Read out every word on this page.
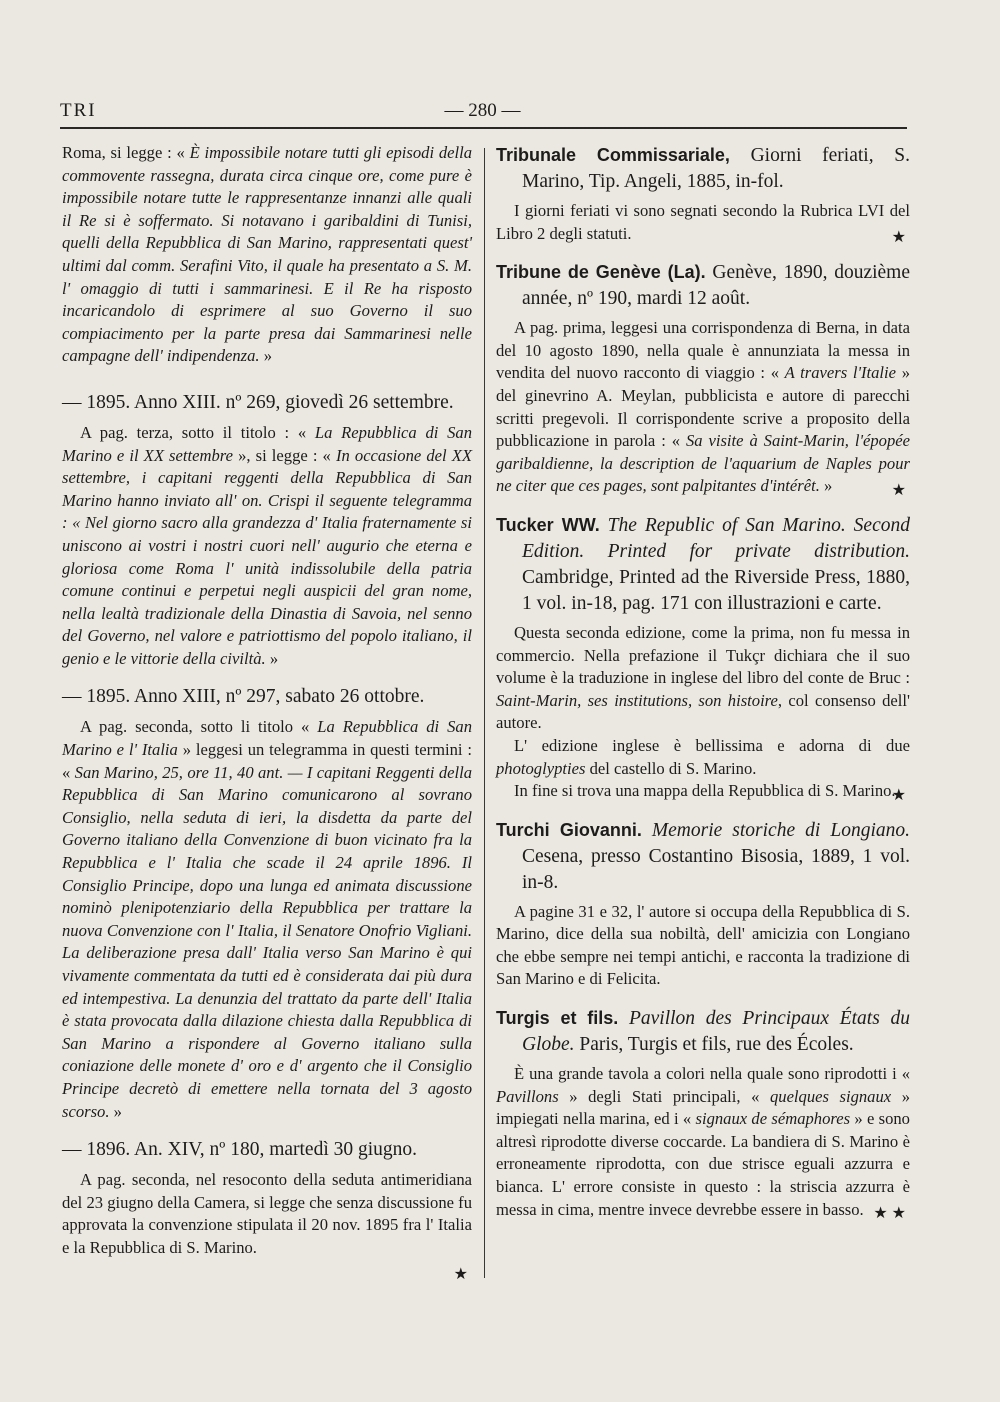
TRI	— 280 —

Roma, si legge : « È impossibile notare tutti gli episodi della commovente rassegna, durata circa cinque ore, come pure è impossibile notare tutte le rappresentanze innanzi alle quali il Re si è soffermato. Si notavano i garibaldini di Tunisi, quelli della Repubblica di San Marino, rappresentati quest' ultimi dal comm. Serafini Vito, il quale ha presentato a S. M. l' omaggio di tutti i sammarinesi. E il Re ha risposto incaricandolo di esprimere al suo Governo il suo compiacimento per la parte presa dai Sammarinesi nelle campagne dell' indipendenza. »

— 1895. Anno XIII. nº 269, giovedì 26 settembre.

A pag. terza, sotto il titolo : « La Repubblica di San Marino e il XX settembre », si legge : « In occasione del XX settembre, i capitani reggenti della Repubblica di San Marino hanno inviato all' on. Crispi il seguente telegramma : « Nel giorno sacro alla grandezza d' Italia fraternamente si uniscono ai vostri i nostri cuori nell' augurio che eterna e gloriosa come Roma l' unità indissolubile della patria comune continui e perpetui negli auspicii del gran nome, nella lealtà tradizionale della Dinastia di Savoia, nel senno del Governo, nel valore e patriottismo del popolo italiano, il genio e le vittorie della civiltà. »

— 1895. Anno XIII, nº 297, sabato 26 ottobre.

A pag. seconda, sotto li titolo « La Repubblica di San Marino e l' Italia » leggesi un telegramma in questi termini : « San Marino, 25, ore 11, 40 ant. — I capitani Reggenti della Repubblica di San Marino comunicarono al sovrano Consiglio, nella seduta di ieri, la disdetta da parte del Governo italiano della Convenzione di buon vicinato fra la Repubblica e l' Italia che scade il 24 aprile 1896. Il Consiglio Principe, dopo una lunga ed animata discussione nominò plenipotenziario della Repubblica per trattare la nuova Convenzione con l' Italia, il Senatore Onofrio Vigliani. La deliberazione presa dall' Italia verso San Marino è qui vivamente commentata da tutti ed è considerata dai più dura ed intempestiva. La denunzia del trattato da parte dell' Italia è stata provocata dalla dilazione chiesta dalla Repubblica di San Marino a rispondere al Governo italiano sulla coniazione delle monete d' oro e d' argento che il Consiglio Principe decretò di emettere nella tornata del 3 agosto scorso. »

— 1896. An. XIV, nº 180, martedì 30 giugno.

A pag. seconda, nel resoconto della seduta antimeridiana del 23 giugno della Camera, si legge che senza discussione fu approvata la convenzione stipulata il 20 nov. 1895 fra l' Italia e la Repubblica di S. Marino.

★

Tribunale Commissariale, Giorni feriati, S. Marino, Tip. Angeli, 1885, in-fol.

I giorni feriati vi sono segnati secondo la Rubrica LVI del Libro 2 degli statuti.	★

Tribune de Genève (La). Genève, 1890, douzième année, nº 190, mardi 12 août.

A pag. prima, leggesi una corrispondenza di Berna, in data del 10 agosto 1890, nella quale è annunziata la messa in vendita del nuovo racconto di viaggio : « A travers l'Italie » del ginevrino A. Meylan, pubblicista e autore di parecchi scritti pregevoli. Il corrispondente scrive a proposito della pubblicazione in parola : « Sa visite à Saint-Marin, l'épopée garibaldienne, la description de l'aquarium de Naples pour ne citer que ces pages, sont palpitantes d'intérêt. »	★

Tucker WW. The Republic of San Marino. Second Edition. Printed for private distribution. Cambridge, Printed ad the Riverside Press, 1880, 1 vol. in-18, pag. 171 con illustrazioni e carte.

Questa seconda edizione, come la prima, non fu messa in commercio. Nella prefazione il Tukçr dichiara che il suo volume è la traduzione in inglese del libro del conte de Bruc : Saint-Marin, ses institutions, son histoire, col consenso dell' autore.

L' edizione inglese è bellissima e adorna di due photoglypties del castello di S. Marino.

In fine si trova una mappa della Repubblica di S. Marino.

★

Turchi Giovanni. Memorie storiche di Longiano. Cesena, presso Costantino Bisosia, 1889, 1 vol. in-8.

A pagine 31 e 32, l' autore si occupa della Repubblica di S. Marino, dice della sua nobiltà, dell' amicizia con Longiano che ebbe sempre nei tempi antichi, e racconta la tradizione di San Marino e di Felicita.

Turgis et fils. Pavillon des Principaux États du Globe. Paris, Turgis et fils, rue des Écoles.

È una grande tavola a colori nella quale sono riprodotti i « Pavillons » degli Stati principali, « quelques signaux » impiegati nella marina, ed i « signaux de sémaphores » e sono altresì riprodotte diverse coccarde. La bandiera di S. Marino è erroneamente riprodotta, con due strisce eguali azzurra e bianca. L' errore consiste in questo : la striscia azzurra è messa in cima, mentre invece devrebbe essere in basso. ★ ★
